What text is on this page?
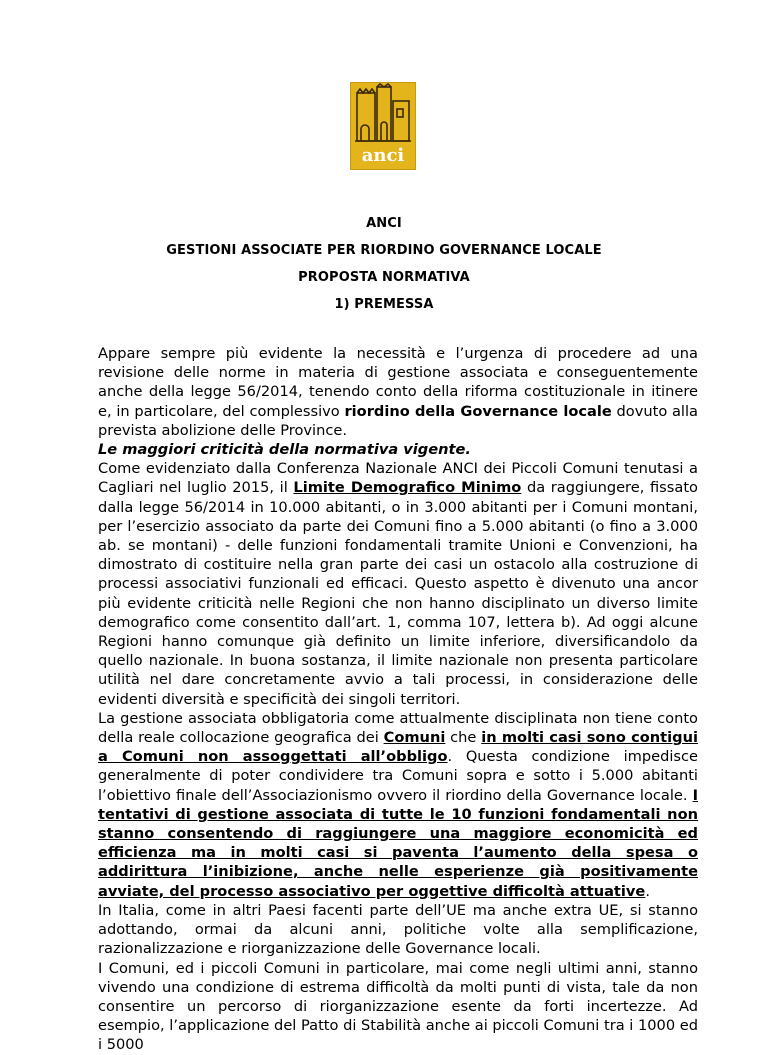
anci
ANCI
GESTIONI ASSOCIATE PER RIORDINO GOVERNANCE LOCALE
PROPOSTA NORMATIVA
1) PREMESSA

Appare sempre più evidente la necessità e l’urgenza di procedere ad una revisione delle norme in materia di gestione associata e conseguentemente anche della legge 56/2014, tenendo conto della riforma costituzionale in itinere e, in particolare, del complessivo riordino della Governance locale dovuto alla prevista abolizione delle Province.

Le maggiori criticità della normativa vigente.

Come evidenziato dalla Conferenza Nazionale ANCI dei Piccoli Comuni tenutasi a Cagliari nel luglio 2015, il Limite Demografico Minimo da raggiungere, fissato dalla legge 56/2014 in 10.000 abitanti, o in 3.000 abitanti per i Comuni montani, per l’esercizio associato da parte dei Comuni fino a 5.000 abitanti (o fino a 3.000 ab. se montani) - delle funzioni fondamentali tramite Unioni e Convenzioni, ha dimostrato di costituire nella gran parte dei casi un ostacolo alla costruzione di processi associativi funzionali ed efficaci. Questo aspetto è divenuto una ancor più evidente criticità nelle Regioni che non hanno disciplinato un diverso limite demografico come consentito dall’art. 1, comma 107, lettera b). Ad oggi alcune Regioni hanno comunque già definito un limite inferiore, diversificandolo da quello nazionale. In buona sostanza, il limite nazionale non presenta particolare utilità nel dare concretamente avvio a tali processi, in considerazione delle evidenti diversità e specificità dei singoli territori.

La gestione associata obbligatoria come attualmente disciplinata non tiene conto della reale collocazione geografica dei Comuni che in molti casi sono contigui a Comuni non assoggettati all’obbligo. Questa condizione impedisce generalmente di poter condividere tra Comuni sopra e sotto i 5.000 abitanti l’obiettivo finale dell’Associazionismo ovvero il riordino della Governance locale. I tentativi di gestione associata di tutte le 10 funzioni fondamentali non stanno consentendo di raggiungere una maggiore economicità ed efficienza ma in molti casi si paventa l’aumento della spesa o addirittura l’inibizione, anche nelle esperienze già positivamente avviate, del processo associativo per oggettive difficoltà attuative.

In Italia, come in altri Paesi facenti parte dell’UE ma anche extra UE, si stanno adottando, ormai da alcuni anni, politiche volte alla semplificazione, razionalizzazione e riorganizzazione delle Governance locali.

I Comuni, ed i piccoli Comuni in particolare, mai come negli ultimi anni, stanno vivendo una condizione di estrema difficoltà da molti punti di vista, tale da non consentire un percorso di riorganizzazione esente da forti incertezze. Ad esempio, l’applicazione del Patto di Stabilità anche ai piccoli Comuni tra i 1000 ed i 5000
